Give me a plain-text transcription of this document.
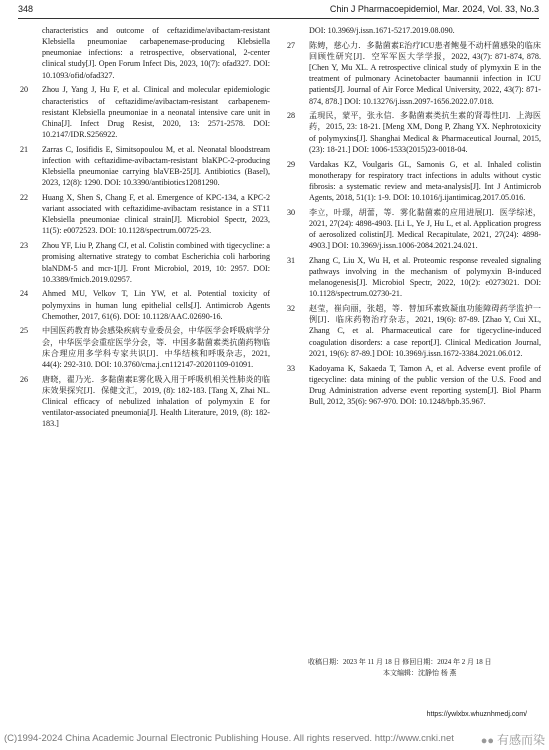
348	Chin J Pharmacoepidemiol, Mar. 2024, Vol. 33, No.3
characteristics and outcome of ceftazidime/avibactam-resistant Klebsiella pneumoniae carbapenemase-producing Klebsiella pneumoniae infections: a retrospective, observational, 2-center clinical study[J]. Open Forum Infect Dis, 2023, 10(7): ofad327. DOI: 10.1093/ofid/ofad327.
20 Zhou J, Yang J, Hu F, et al. Clinical and molecular epidemiologic characteristics of ceftazidime/avibactam-resistant carbapenem-resistant Klebsiella pneumoniae in a neonatal intensive care unit in China[J]. Infect Drug Resist, 2020, 13: 2571-2578. DOI: 10.2147/IDR.S256922.
21 Zarras C, Iosifidis E, Simitsopoulou M, et al. Neonatal bloodstream infection with ceftazidime-avibactam-resistant blaKPC-2-producing Klebsiella pneumoniae carrying blaVEB-25[J]. Antibiotics (Basel), 2023, 12(8): 1290. DOI: 10.3390/antibiotics12081290.
22 Huang X, Shen S, Chang F, et al. Emergence of KPC-134, a KPC-2 variant associated with ceftazidime-avibactam resistance in a ST11 Klebsiella pneumoniae clinical strain[J]. Microbiol Spectr, 2023, 11(5): e0072523. DOI: 10.1128/spectrum.00725-23.
23 Zhou YF, Liu P, Zhang CJ, et al. Colistin combined with tigecycline: a promising alternative strategy to combat Escherichia coli harboring blaNDM-5 and mcr-1[J]. Front Microbiol, 2019, 10: 2957. DOI: 10.3389/fmicb.2019.02957.
24 Ahmed MU, Velkov T, Lin YW, et al. Potential toxicity of polymyxins in human lung epithelial cells[J]. Antimicrob Agents Chemother, 2017, 61(6). DOI: 10.1128/AAC.02690-16.
25 中国医药教育协会感染疾病专业委员会，中华医学会呼吸病学分会，中华医学会重症医学分会，等．中国多黏菌素类抗菌药物临床合理应用多学科专家共识[J]．中华结核和呼吸杂志，2021, 44(4): 292-310. DOI: 10.3760/cma.j.cn112147-20201109-01091.
26 唐晓，翟乃光．多黏菌素E雾化吸入用于呼吸机相关性肺炎的临床效果探究[J]．保健文汇，2019, (8): 182-183. [Tang X, Zhai NL. Clinical efficacy of nebulized inhalation of polymyxin E for ventilator-associated pneumonia[J]. Health Literature, 2019, (8): 182-183.]
DOI: 10.3969/j.issn.1671-5217.2019.08.090.
27 陈娉，慈心力．多黏菌素E治疗ICU患者鲍曼不动杆菌感染的临床回顾性研究[J]．空军军医大学学报，2022, 43(7): 871-874, 878. [Chen Y, Mu XL. A retrospective clinical study of plymyxin E in the treatment of pulmonary Acinetobacter baumannii infection in ICU patients[J]. Journal of Air Force Medical University, 2022, 43(7): 871-874, 878.] DOI: 10.13276/j.issn.2097-1656.2022.07.018.
28 孟現民，蒙平，张永信．多黏菌素类抗生素的肾毒性[J]．上海医药，2015, 23: 18-21. [Meng XM, Dong P, Zhang YX. Nephrotoxicity of polymyxins[J]. Shanghai Medical & Pharmaceutical Journal, 2015, (23): 18-21.] DOI: 1006-1533(2015)23-0018-04.
29 Vardakas KZ, Voulgaris GL, Samonis G, et al. Inhaled colistin monotherapy for respiratory tract infections in adults without cystic fibrosis: a systematic review and meta-analysis[J]. Int J Antimicrob Agents, 2018, 51(1): 1-9. DOI: 10.1016/j.ijantimicag.2017.05.016.
30 李立，叶璟，胡蕾，等．雾化黏菌素的应用进展[J]．医学综述，2021, 27(24): 4898-4903. [Li L, Ye J, Hu L, et al. Application progress of aerosolized colistin[J]. Medical Recapitulate, 2021, 27(24): 4898-4903.] DOI: 10.3969/j.issn.1006-2084.2021.24.021.
31 Zhang C, Liu X, Wu H, et al. Proteomic response revealed signaling pathways involving in the mechanism of polymyxin B-induced melanogenesis[J]. Microbiol Spectr, 2022, 10(2): e0273021. DOI: 10.1128/spectrum.02730-21.
32 赵莹，崔向丽，张超，等．替加环素致凝血功能障碍药学监护一例[J]．临床药物治疗杂志，2021, 19(6): 87-89. [Zhao Y, Cui XL, Zhang C, et al. Pharmaceutical care for tigecycline-induced coagulation disorders: a case report[J]. Clinical Medication Journal, 2021, 19(6): 87-89.] DOI: 10.3969/j.issn.1672-3384.2021.06.012.
33 Kadoyama K, Sakaeda T, Tamon A, et al. Adverse event profile of tigecycline: data mining of the public version of the U.S. Food and Drug Administration adverse event reporting system[J]. Biol Pharm Bull, 2012, 35(6): 967-970. DOI: 10.1248/bpb.35.967.
收稿日期：2023 年 11 月 18 日 修回日期：2024 年 2 月 18 日
本文编辑：沈静怡 杨 燕
https://ywlxbx.whuznhmedj.com/
(C)1994-2024 China Academic Journal Electronic Publishing House. All rights reserved. http://www.cnki.net ●● 有感而染
